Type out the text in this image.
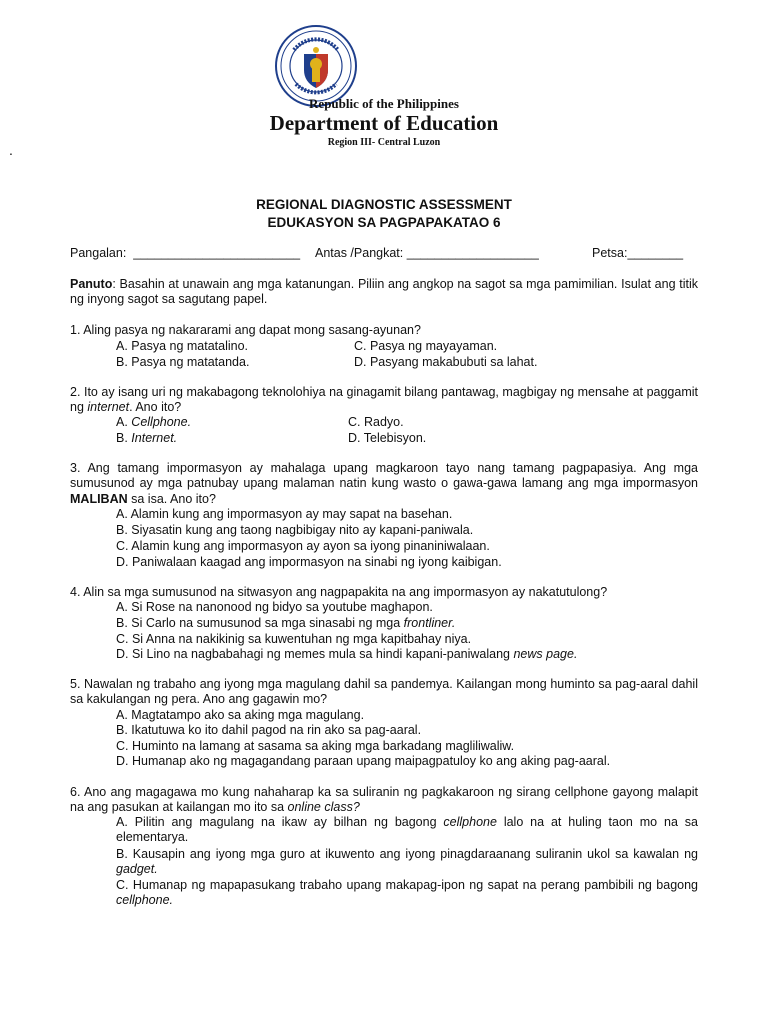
Republic of the Philippines
Department of Education
Region III- Central Luzon
.
REGIONAL DIAGNOSTIC ASSESSMENT
EDUKASYON SA PAGPAPAKATAO 6
Pangalan: ________________________ Antas /Pangkat: ___________________	Petsa:________
Panuto: Basahin at unawain ang mga katanungan. Piliin ang angkop na sagot sa mga pamimilian. Isulat ang titik ng inyong sagot sa sagutang papel.
1. Aling pasya ng nakararami ang dapat mong sasang-ayunan?
A. Pasya ng matatalino.	C. Pasya ng mayayaman.
B. Pasya ng matatanda.	D. Pasyang makabubuti sa lahat.
2. Ito ay isang uri ng makabagong teknolohiya na ginagamit bilang pantawag, magbigay ng mensahe at paggamit ng internet. Ano ito?
A. Cellphone.	C. Radyo.
B. Internet.	D. Telebisyon.
3. Ang tamang impormasyon ay mahalaga upang magkaroon tayo nang tamang pagpapasiya. Ang mga sumusunod ay mga patnubay upang malaman natin kung wasto o gawa-gawa lamang ang mga impormasyon MALIBAN sa isa. Ano ito?
A. Alamin kung ang impormasyon ay may sapat na basehan.
B. Siyasatin kung ang taong nagbibigay nito ay kapani-paniwala.
C. Alamin kung ang impormasyon ay ayon sa iyong pinaniniwalaan.
D. Paniwalaan kaagad ang impormasyon na sinabi ng iyong kaibigan.
4. Alin sa mga sumusunod na sitwasyon ang nagpapakita na ang impormasyon ay nakatutulong?
A. Si Rose na nanonood ng bidyo sa youtube maghapon.
B. Si Carlo na sumusunod sa mga sinasabi ng mga frontliner.
C. Si Anna na nakikinig sa kuwentuhan ng mga kapitbahay niya.
D. Si Lino na nagbabahagi ng memes mula sa hindi kapani-paniwalang news page.
5. Nawalan ng trabaho ang iyong mga magulang dahil sa pandemya. Kailangan mong huminto sa pag-aaral dahil sa kakulangan ng pera. Ano ang gagawin mo?
A. Magtatampo ako sa aking mga magulang.
B. Ikatutuwa ko ito dahil pagod na rin ako sa pag-aaral.
C. Huminto na lamang at sasama sa aking mga barkadang magliliwaliw.
D. Humanap ako ng magagandang paraan upang maipagpatuloy ko ang aking pag-aaral.
6. Ano ang magagawa mo kung nahaharap ka sa suliranin ng pagkakaroon ng sirang cellphone gayong malapit na ang pasukan at kailangan mo ito sa online class?
A. Pilitin ang magulang na ikaw ay bilhan ng bagong cellphone lalo na at huling taon mo na sa elementarya.
B. Kausapin ang iyong mga guro at ikuwento ang iyong pinagdaraanang suliranin ukol sa kawalan ng gadget.
C. Humanap ng mapapasukang trabaho upang makapag-ipon ng sapat na perang pambibili ng bagong cellphone.
